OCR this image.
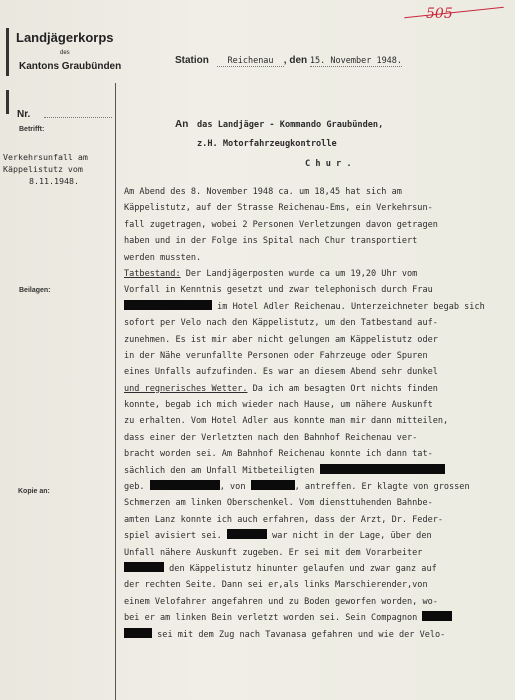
505
Landjägerkorps
des
Kantons Graubünden
Nr.
Betrifft:
Station Reichenau , den 15. November 1948.
An das Landjäger - Kommando Graubünden,
z.H. Motorfahrzeugkontrolle
C h u r .
Verkehrsunfall am
Käppelistutz vom
8.11.1948.
Beilagen:
Kopie an:
Am Abend des 8. November 1948 ca. um 18,45 hat sich am
Käppelistutz, auf der Strasse Reichenau-Ems, ein Verkehrsun-
fall zugetragen, wobei 2 Personen Verletzungen davon getragen
haben und in der Folge ins Spital nach Chur transportiert
werden mussten.
Tatbestand: Der Landjägerposten wurde ca um 19,20 Uhr vom
Vorfall in Kenntnis gesetzt und zwar telephonisch durch Frau
im Hotel Adler Reichenau. Unterzeichneter begab sich
sofort per Velo nach den Käppelistutz, um den Tatbestand auf-
zunehmen. Es ist mir aber nicht gelungen am Käppelistutz oder
in der Nähe verunfallte Personen oder Fahrzeuge oder Spuren
eines Unfalls aufzufinden. Es war an diesem Abend sehr dunkel
und regnerisches Wetter. Da ich am besagten Ort nichts finden
konnte, begab ich mich wieder nach Hause, um nähere Auskunft
zu erhalten. Vom Hotel Adler aus konnte man mir dann mitteilen,
dass einer der Verletzten nach den Bahnhof Reichenau ver-
bracht worden sei. Am Bahnhof Reichenau konnte ich dann tat-
sächlich den am Unfall Mitbeteiligten
geb.	, von	, antreffen. Er klagte von grossen
Schmerzen am linken Oberschenkel. Vom diensttuhenden Bahnbe-
amten Lanz konnte ich auch erfahren, dass der Arzt, Dr. Feder-
spiel avisiert sei.	war nicht in der Lage, über den
Unfall nähere Auskunft zugeben. Er sei mit dem Vorarbeiter
den Käppelistutz hinunter gelaufen und zwar ganz auf
der rechten Seite. Dann sei er,als links Marschierender,von
einem Velofahrer angefahren und zu Boden geworfen worden, wo-
bei er am linken Bein verletzt worden sei. Sein Compagnon
sei mit dem Zug nach Tavanasa gefahren und wie der Velo-
